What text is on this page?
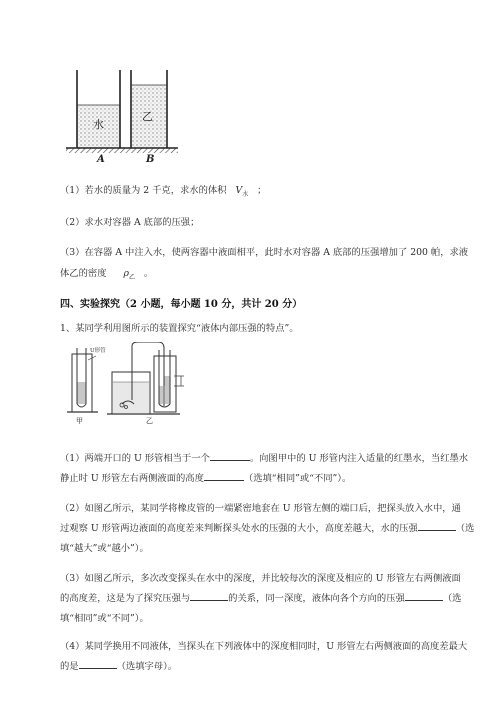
水
乙
A	B
（1）若水的质量为 2 千克，求水的体积 $V_水$ ；
（2）求水对容器 A 底部的压强；
（3）在容器 A 中注入水，使两容器中液面相平，此时水对容器 A 底部的压强增加了 200 帕，求液
体乙的密度 $\rho_乙$ 。
四、实验探究（2 小题，每小题 10 分，共计 20 分）
1、某同学利用图所示的装置探究“液体内部压强的特点”。
U形管
甲	乙
（1）两端开口的 U 形管相当于一个	。向图甲中的 U 形管内注入适量的红墨水，当红墨水
静止时 U 形管左右两侧液面的高度	（选填“相同”或“不同”）。
（2）如图乙所示，某同学将橡皮管的一端紧密地套在 U 形管左侧的端口后，把探头放入水中，通
过观察 U 形管两边液面的高度差来判断探头处水的压强的大小，高度差越大，水的压强	（选
填“越大”或“越小”）。
（3）如图乙所示，多次改变探头在水中的深度，并比较每次的深度及相应的 U 形管左右两侧液面
的高度差，这是为了探究压强与	的关系，同一深度，液体向各个方向的压强	（选
填“相同”或“不同”）。
（4）某同学换用不同液体，当探头在下列液体中的深度相同时，U 形管左右两侧液面的高度差最大
的是	（选填字母）。
